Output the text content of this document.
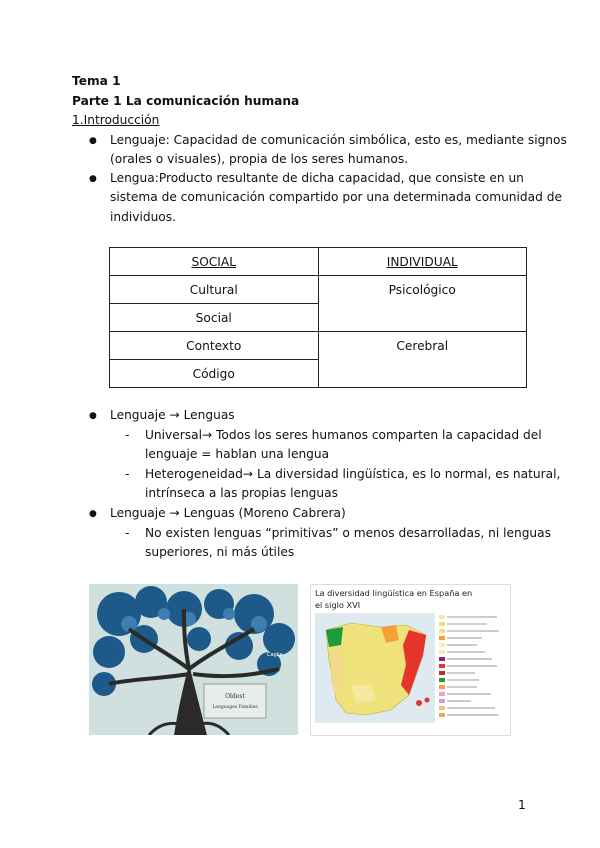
Tema 1
Parte 1 La comunicación humana
1.Introducción
● Lenguaje: Capacidad de comunicación simbólica, esto es, mediante signos
(orales o visuales), propia de los seres humanos.
● Lengua:Producto resultante de dicha capacidad, que consiste en un
sistema de comunicación compartido por una determinada comunidad de
individuos.
SOCIAL	INDIVIDUAL
Cultural	Psicológico
Social	
Contexto	Cerebral
Código	
● Lenguaje → Lenguas
- Universal→ Todos los seres humanos comparten la capacidad del
lenguaje = hablan una lengua
- Heterogeneidad→ La diversidad lingüística, es lo normal, es natural,
intrínseca a las propias lenguas
● Lenguaje → Lenguas (Moreno Cabrera)
- No existen lenguas “primitivas” o menos desarrolladas, ni lenguas
superiores, ni más útiles
Oldest
Languages Families
Caglia
La diversidad lingüística en España en
el siglo XVI
1
